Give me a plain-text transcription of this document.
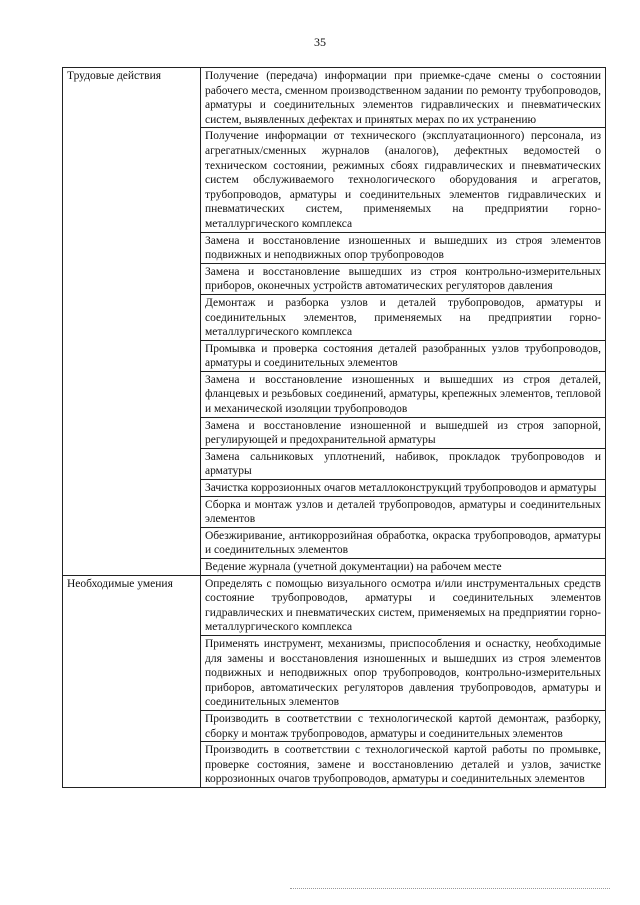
35
Трудовые действия	Получение (передача) информации при приемке-сдаче смены о состоянии рабочего места, сменном производственном задании по ремонту трубопроводов, арматуры и соединительных элементов гидравлических и пневматических систем, выявленных дефектах и принятых мерах по их устранению
	Получение информации от технического (эксплуатационного) персонала, из агрегатных/сменных журналов (аналогов), дефектных ведомостей о техническом состоянии, режимных сбоях гидравлических и пневматических систем обслуживаемого технологического оборудования и агрегатов, трубопроводов, арматуры и соединительных элементов гидравлических и пневматических систем, применяемых на предприятии горно-металлургического комплекса
	Замена и восстановление изношенных и вышедших из строя элементов подвижных и неподвижных опор трубопроводов
	Замена и восстановление вышедших из строя контрольно-измерительных приборов, оконечных устройств автоматических регуляторов давления
	Демонтаж и разборка узлов и деталей трубопроводов, арматуры и соединительных элементов, применяемых на предприятии горно-металлургического комплекса
	Промывка и проверка состояния деталей разобранных узлов трубопроводов, арматуры и соединительных элементов
	Замена и восстановление изношенных и вышедших из строя деталей, фланцевых и резьбовых соединений, арматуры, крепежных элементов, тепловой и механической изоляции трубопроводов
	Замена и восстановление изношенной и вышедшей из строя запорной, регулирующей и предохранительной арматуры
	Замена сальниковых уплотнений, набивок, прокладок трубопроводов и арматуры
	Зачистка коррозионных очагов металлоконструкций трубопроводов и арматуры
	Сборка и монтаж узлов и деталей трубопроводов, арматуры и соединительных элементов
	Обезжиривание, антикоррозийная обработка, окраска трубопроводов, арматуры и соединительных элементов
	Ведение журнала (учетной документации) на рабочем месте
Необходимые умения	Определять с помощью визуального осмотра и/или инструментальных средств состояние трубопроводов, арматуры и соединительных элементов гидравлических и пневматических систем, применяемых на предприятии горно-металлургического комплекса
	Применять инструмент, механизмы, приспособления и оснастку, необходимые для замены и восстановления изношенных и вышедших из строя элементов подвижных и неподвижных опор трубопроводов, контрольно-измерительных приборов, автоматических регуляторов давления трубопроводов, арматуры и соединительных элементов
	Производить в соответствии с технологической картой демонтаж, разборку, сборку и монтаж трубопроводов, арматуры и соединительных элементов
	Производить в соответствии с технологической картой работы по промывке, проверке состояния, замене и восстановлению деталей и узлов, зачистке коррозионных очагов трубопроводов, арматуры и соединительных элементов
